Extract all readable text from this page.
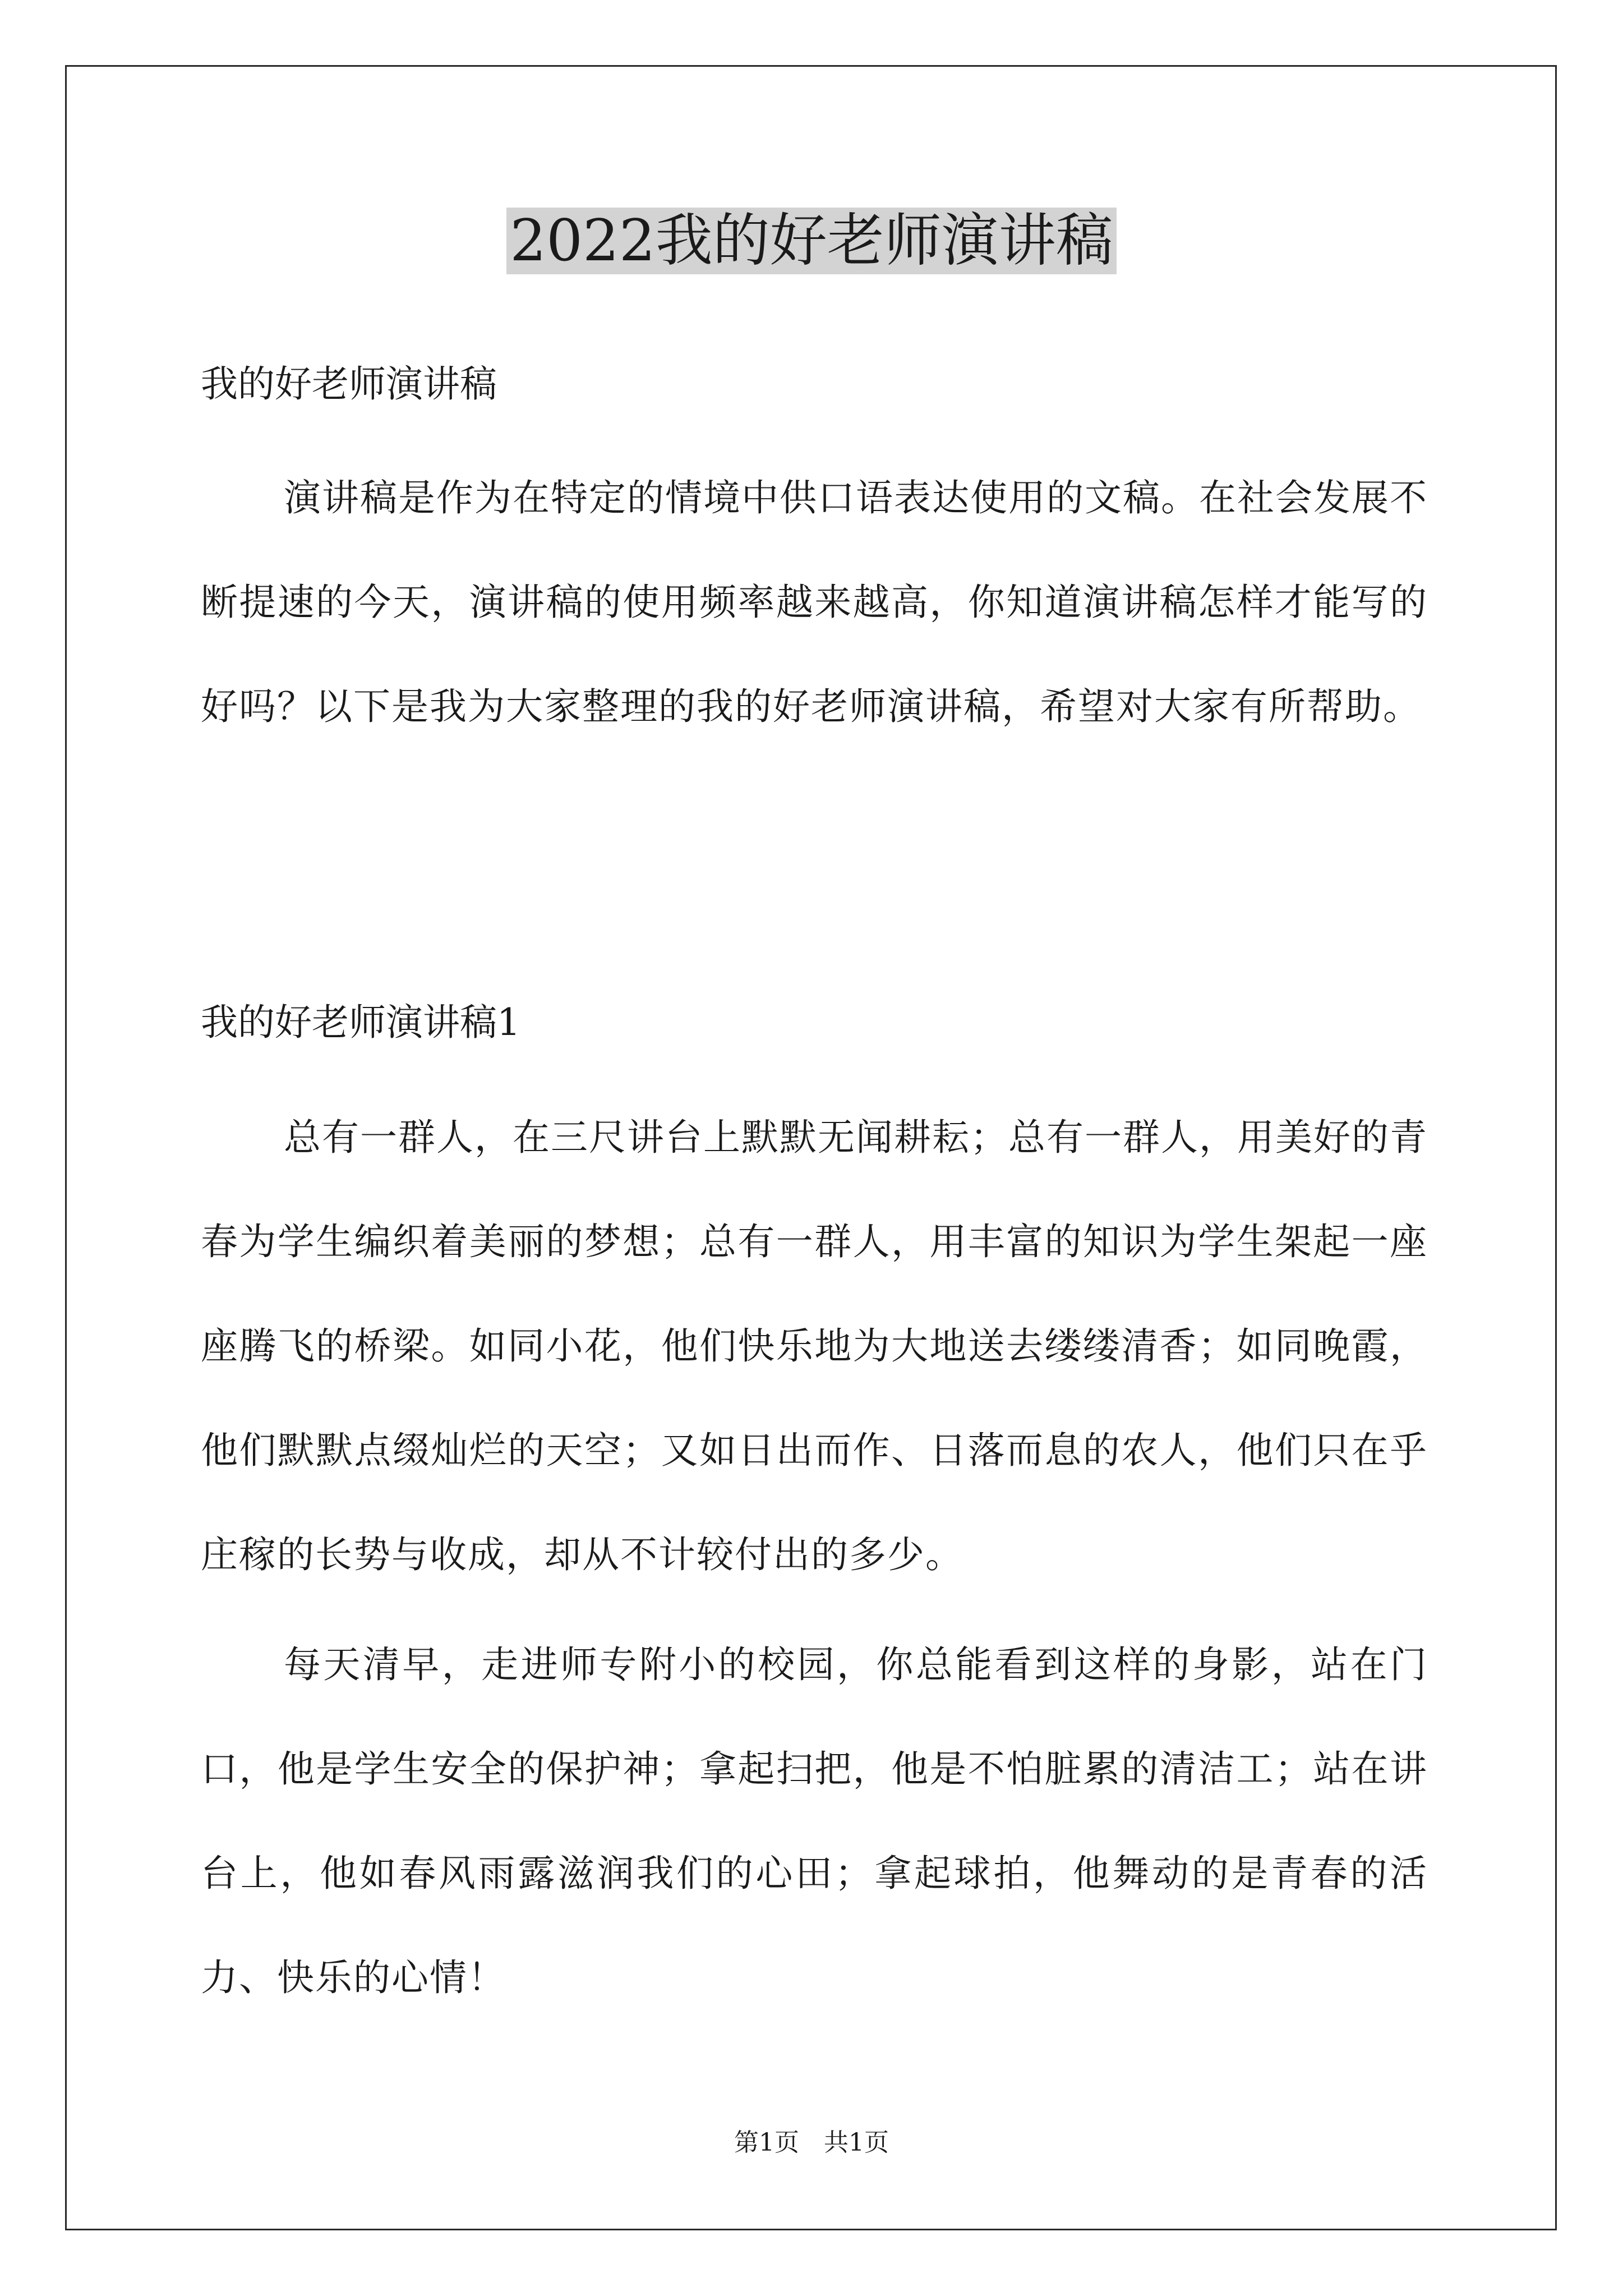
2022我的好老师演讲稿
我的好老师演讲稿
演讲稿是作为在特定的情境中供口语表达使用的文稿。在社会发展不断提速的今天，演讲稿的使用频率越来越高，你知道演讲稿怎样才能写的好吗？以下是我为大家整理的我的好老师演讲稿，希望对大家有所帮助。
我的好老师演讲稿1
总有一群人，在三尺讲台上默默无闻耕耘；总有一群人，用美好的青春为学生编织着美丽的梦想；总有一群人，用丰富的知识为学生架起一座座腾飞的桥梁。如同小花，他们快乐地为大地送去缕缕清香；如同晚霞，他们默默点缀灿烂的天空；又如日出而作、日落而息的农人，他们只在乎庄稼的长势与收成，却从不计较付出的多少。
每天清早，走进师专附小的校园，你总能看到这样的身影，站在门口，他是学生安全的保护神；拿起扫把，他是不怕脏累的清洁工；站在讲台上，他如春风雨露滋润我们的心田；拿起球拍，他舞动的是青春的活力、快乐的心情！
第1页　共1页
